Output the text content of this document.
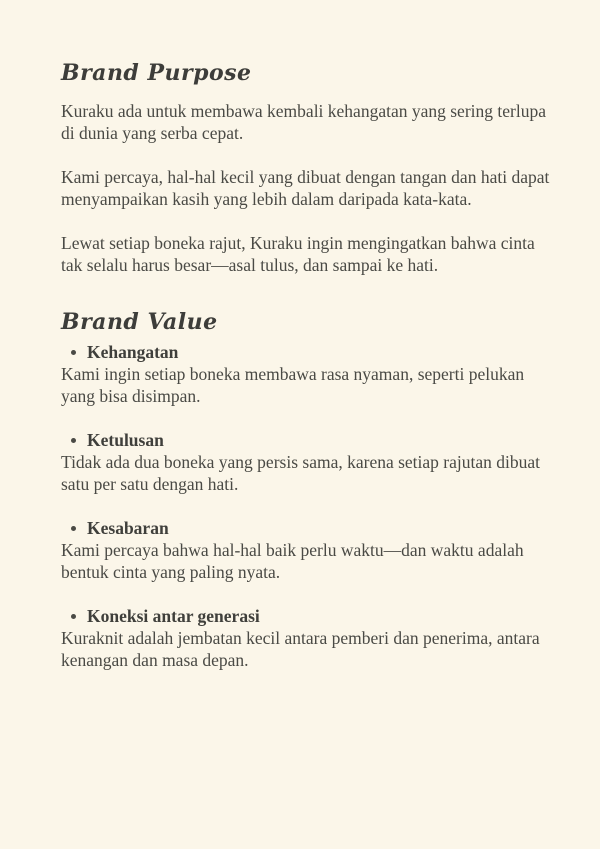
Brand Purpose

Kuraku ada untuk membawa kembali kehangatan yang sering terlupa di dunia yang serba cepat.

Kami percaya, hal-hal kecil yang dibuat dengan tangan dan hati dapat menyampaikan kasih yang lebih dalam daripada kata-kata.

Lewat setiap boneka rajut, Kuraku ingin mengingatkan bahwa cinta tak selalu harus besar—asal tulus, dan sampai ke hati.

Brand Value
Kehangatan

Kami ingin setiap boneka membawa rasa nyaman, seperti pelukan yang bisa disimpan.

Ketulusan

Tidak ada dua boneka yang persis sama, karena setiap rajutan dibuat satu per satu dengan hati.

Kesabaran

Kami percaya bahwa hal-hal baik perlu waktu—dan waktu adalah bentuk cinta yang paling nyata.

Koneksi antar generasi

Kuraknit adalah jembatan kecil antara pemberi dan penerima, antara kenangan dan masa depan.
